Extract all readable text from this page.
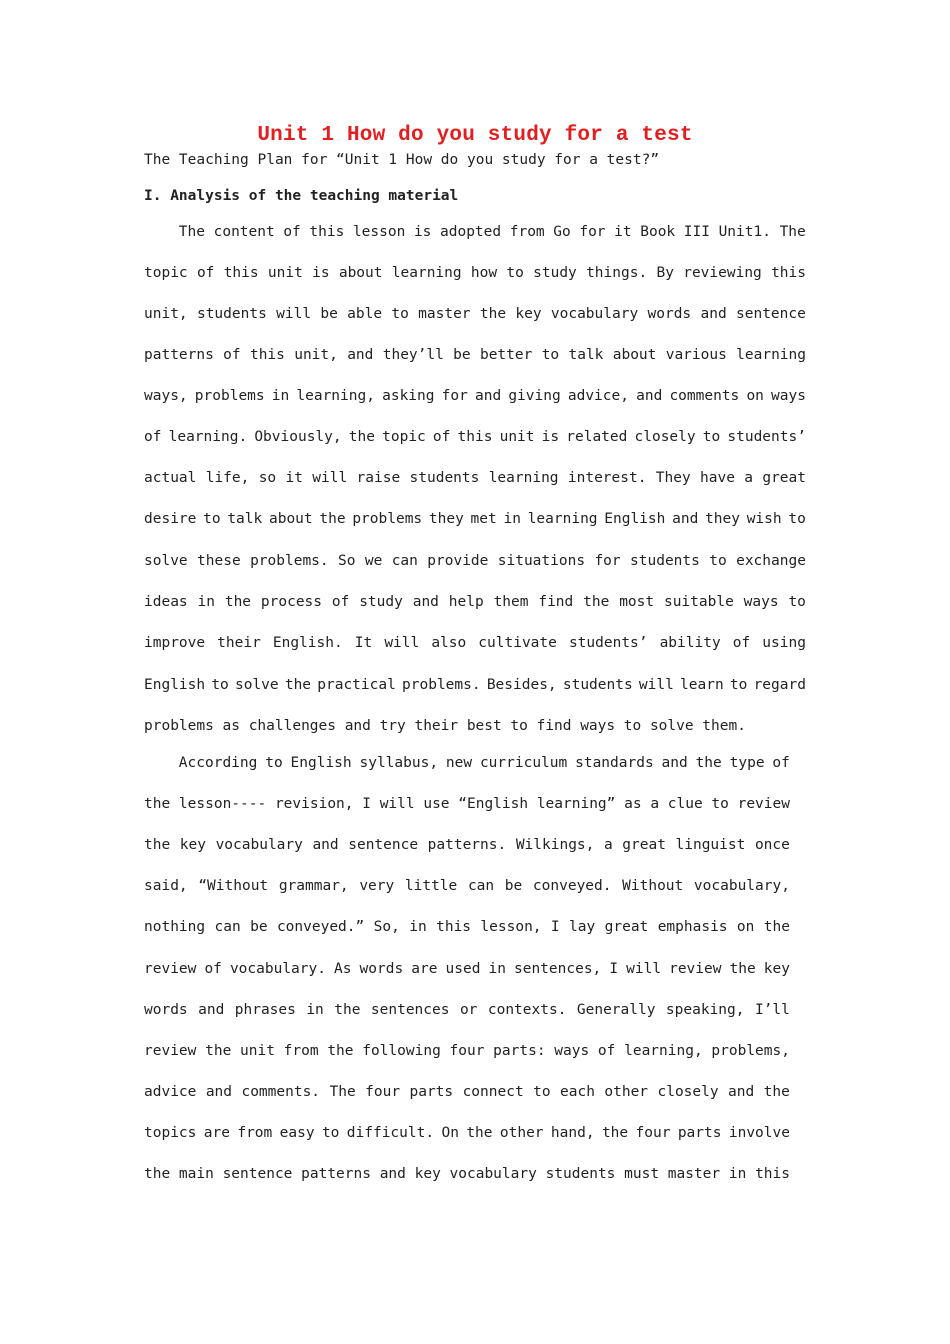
Unit 1 How do you study for a test
The Teaching Plan for “Unit 1 How do you study for a test?”
I. Analysis of the teaching material
The content of this lesson is adopted from Go for it Book III Unit1. The
topic of this unit is about learning how to study things. By reviewing this
unit, students will be able to master the key vocabulary words and sentence
patterns of this unit, and they’ll be better to talk about various learning
ways, problems in learning, asking for and giving advice, and comments on ways
of learning. Obviously, the topic of this unit is related closely to students’
actual life, so it will raise students learning interest. They have a great
desire to talk about the problems they met in learning English and they wish to
solve these problems. So we can provide situations for students to exchange
ideas in the process of study and help them find the most suitable ways to
improve their English. It will also cultivate students’ ability of using
English to solve the practical problems. Besides, students will learn to regard
problems as challenges and try their best to find ways to solve them.
According to English syllabus, new curriculum standards and the type of
the lesson---- revision, I will use “English learning” as a clue to review
the key vocabulary and sentence patterns. Wilkings, a great linguist once
said, “Without grammar, very little can be conveyed. Without vocabulary,
nothing can be conveyed.” So, in this lesson, I lay great emphasis on the
review of vocabulary. As words are used in sentences, I will review the key
words and phrases in the sentences or contexts. Generally speaking, I’ll
review the unit from the following four parts: ways of learning, problems,
advice and comments. The four parts connect to each other closely and the
topics are from easy to difficult. On the other hand, the four parts involve
the main sentence patterns and key vocabulary students must master in this
